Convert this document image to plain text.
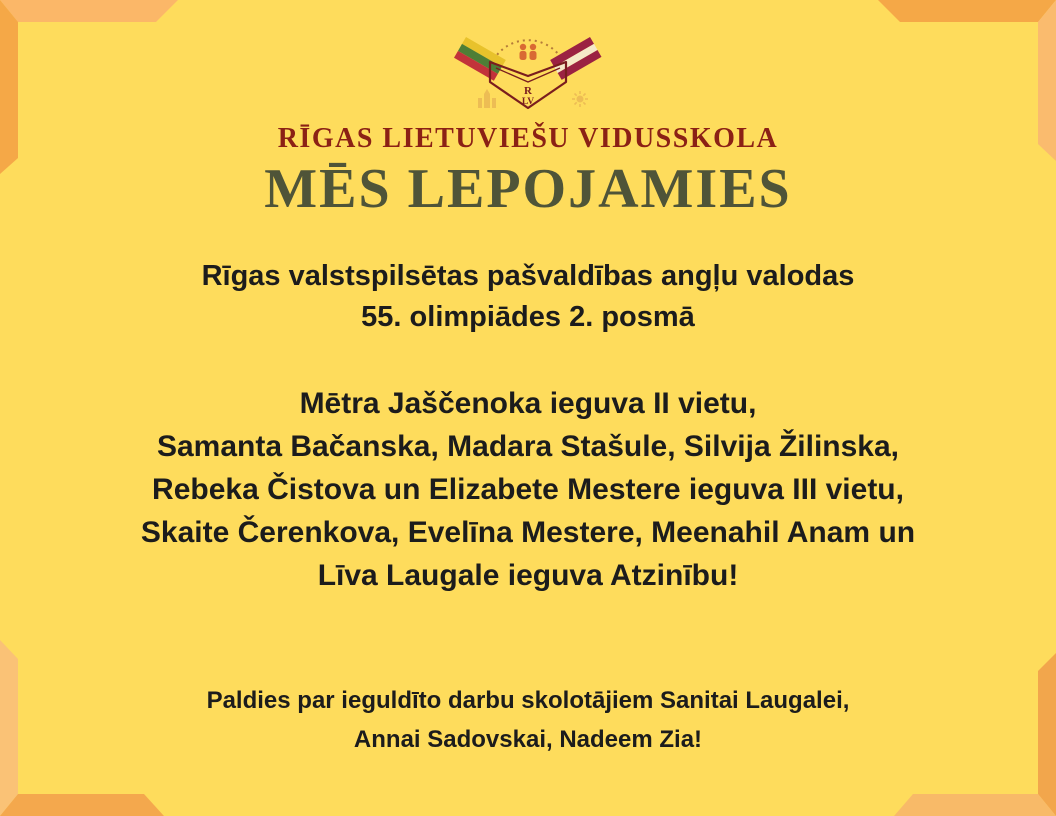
R
LV
RĪGAS LIETUVIEŠU VIDUSSKOLA
MĒS LEPOJAMIES
Rīgas valstspilsētas pašvaldības angļu valodas
55. olimpiādes 2. posmā
Mētra Jaščenoka ieguva II vietu,
Samanta Bačanska, Madara Stašule, Silvija Žilinska,
Rebeka Čistova un Elizabete Mestere ieguva III vietu,
Skaite Čerenkova, Evelīna Mestere, Meenahil Anam un
Līva Laugale ieguva Atzinību!
Paldies par ieguldīto darbu skolotājiem Sanitai Laugalei,
Annai Sadovskai, Nadeem Zia!
